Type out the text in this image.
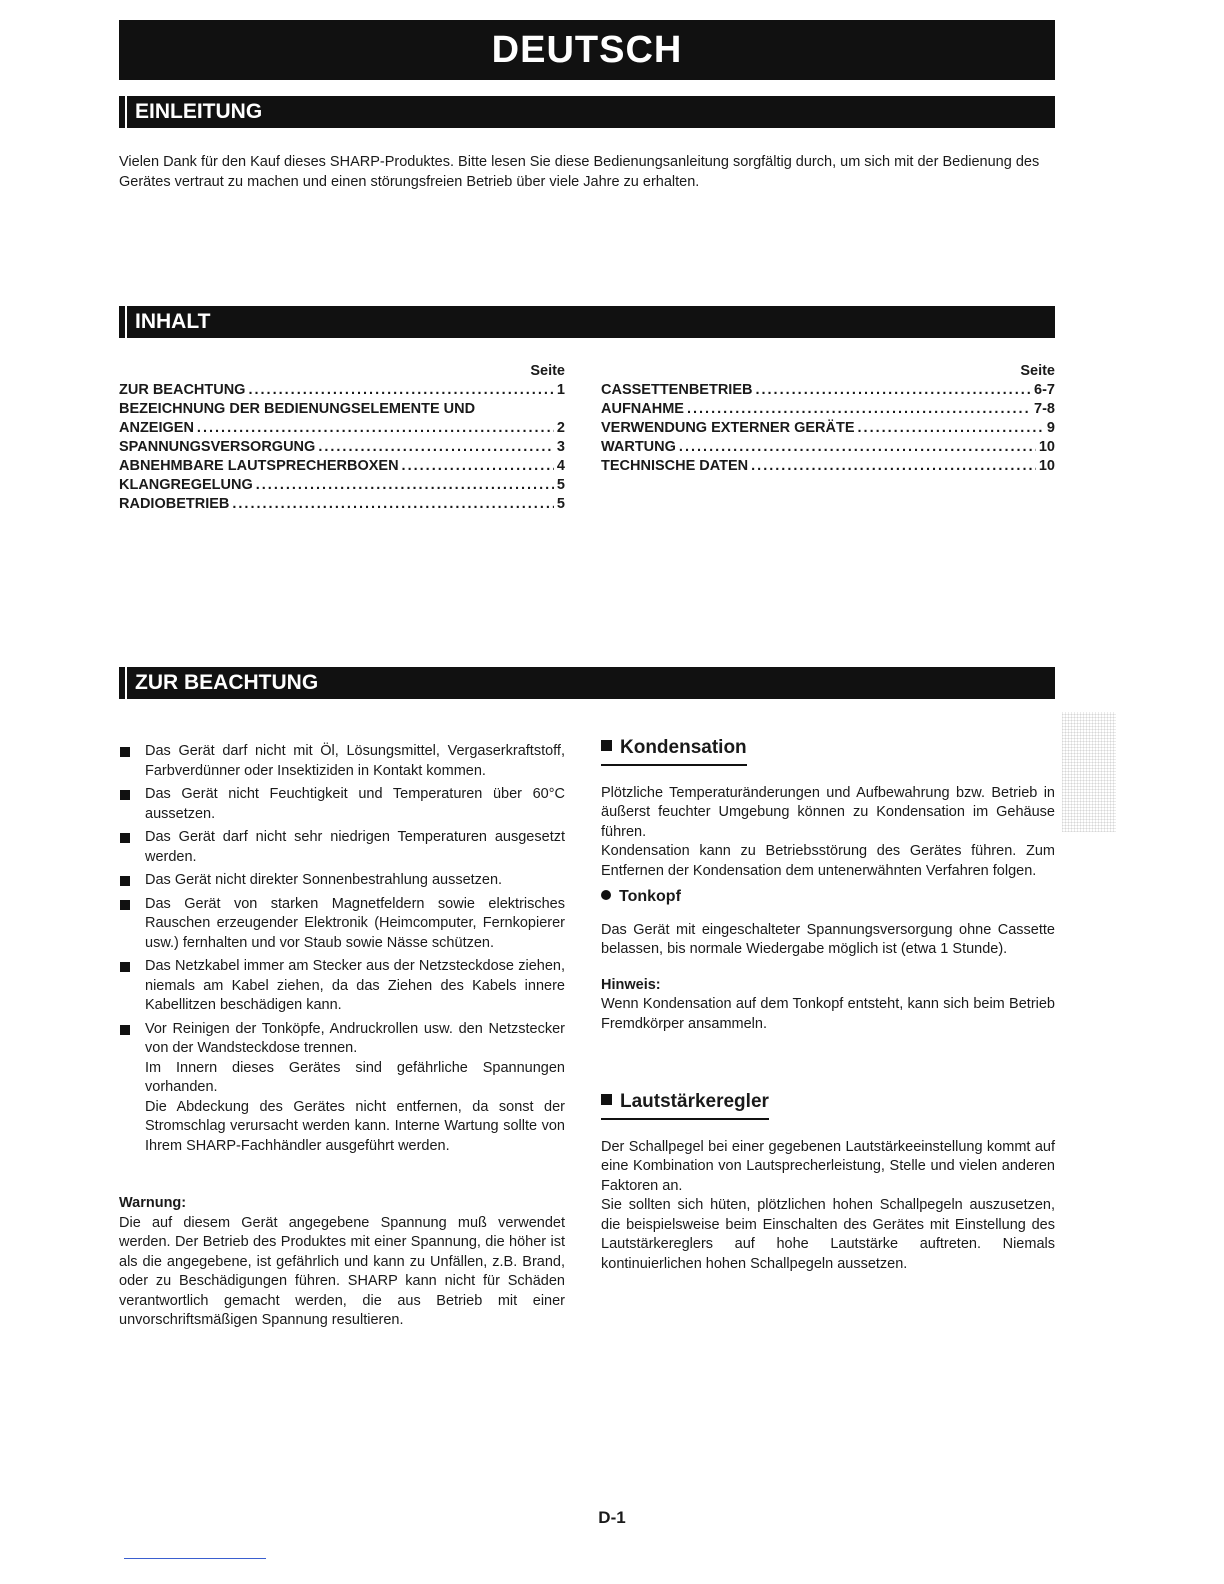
DEUTSCH
EINLEITUNG
Vielen Dank für den Kauf dieses SHARP-Produktes. Bitte lesen Sie diese Bedienungsanleitung sorgfältig durch, um sich mit der Bedienung des Gerätes vertraut zu machen und einen störungsfreien Betrieb über viele Jahre zu erhalten.
INHALT
Seite
ZUR BEACHTUNG .....	1
BEZEICHNUNG DER BEDIENUNGSELEMENTE UND
ANZEIGEN .....	2
SPANNUNGSVERSORGUNG .....	3
ABNEHMBARE LAUTSPRECHERBOXEN .....	4
KLANGREGELUNG .....	5
RADIOBETRIEB .....	5
Seite
CASSETTENBETRIEB .....	6-7
AUFNAHME .....	7-8
VERWENDUNG EXTERNER GERÄTE .....	9
WARTUNG .....	10
TECHNISCHE DATEN .....	10
ZUR BEACHTUNG
Das Gerät darf nicht mit Öl, Lösungsmittel, Vergaserkraftstoff, Farbverdünner oder Insektiziden in Kontakt kommen.
Das Gerät nicht Feuchtigkeit und Temperaturen über 60°C aussetzen.
Das Gerät darf nicht sehr niedrigen Temperaturen ausgesetzt werden.
Das Gerät nicht direkter Sonnenbestrahlung aussetzen.
Das Gerät von starken Magnetfeldern sowie elektrisches Rauschen erzeugender Elektronik (Heimcomputer, Fernkopierer usw.) fernhalten und vor Staub sowie Nässe schützen.
Das Netzkabel immer am Stecker aus der Netzsteckdose ziehen, niemals am Kabel ziehen, da das Ziehen des Kabels innere Kabellitzen beschädigen kann.
Vor Reinigen der Tonköpfe, Andruckrollen usw. den Netzstecker von der Wandsteckdose trennen.
Im Innern dieses Gerätes sind gefährliche Spannungen vorhanden.
Die Abdeckung des Gerätes nicht entfernen, da sonst der Stromschlag verursacht werden kann. Interne Wartung sollte von Ihrem SHARP-Fachhändler ausgeführt werden.
Warnung:
Die auf diesem Gerät angegebene Spannung muß verwendet werden. Der Betrieb des Produktes mit einer Spannung, die höher ist als die angegebene, ist gefährlich und kann zu Unfällen, z.B. Brand, oder zu Beschädigungen führen. SHARP kann nicht für Schäden verantwortlich gemacht werden, die aus Betrieb mit einer unvorschriftsmäßigen Spannung resultieren.
Kondensation
Plötzliche Temperaturänderungen und Aufbewahrung bzw. Betrieb in äußerst feuchter Umgebung können zu Kondensation im Gehäuse führen.
Kondensation kann zu Betriebsstörung des Gerätes führen. Zum Entfernen der Kondensation dem untenerwähnten Verfahren folgen.
Tonkopf
Das Gerät mit eingeschalteter Spannungsversorgung ohne Cassette belassen, bis normale Wiedergabe möglich ist (etwa 1 Stunde).
Hinweis:
Wenn Kondensation auf dem Tonkopf entsteht, kann sich beim Betrieb Fremdkörper ansammeln.
Lautstärkeregler
Der Schallpegel bei einer gegebenen Lautstärkeeinstellung kommt auf eine Kombination von Lautsprecherleistung, Stelle und vielen anderen Faktoren an.
Sie sollten sich hüten, plötzlichen hohen Schallpegeln auszusetzen, die beispielsweise beim Einschalten des Gerätes mit Einstellung des Lautstärkereglers auf hohe Lautstärke auftreten. Niemals kontinuierlichen hohen Schallpegeln aussetzen.
D-1
